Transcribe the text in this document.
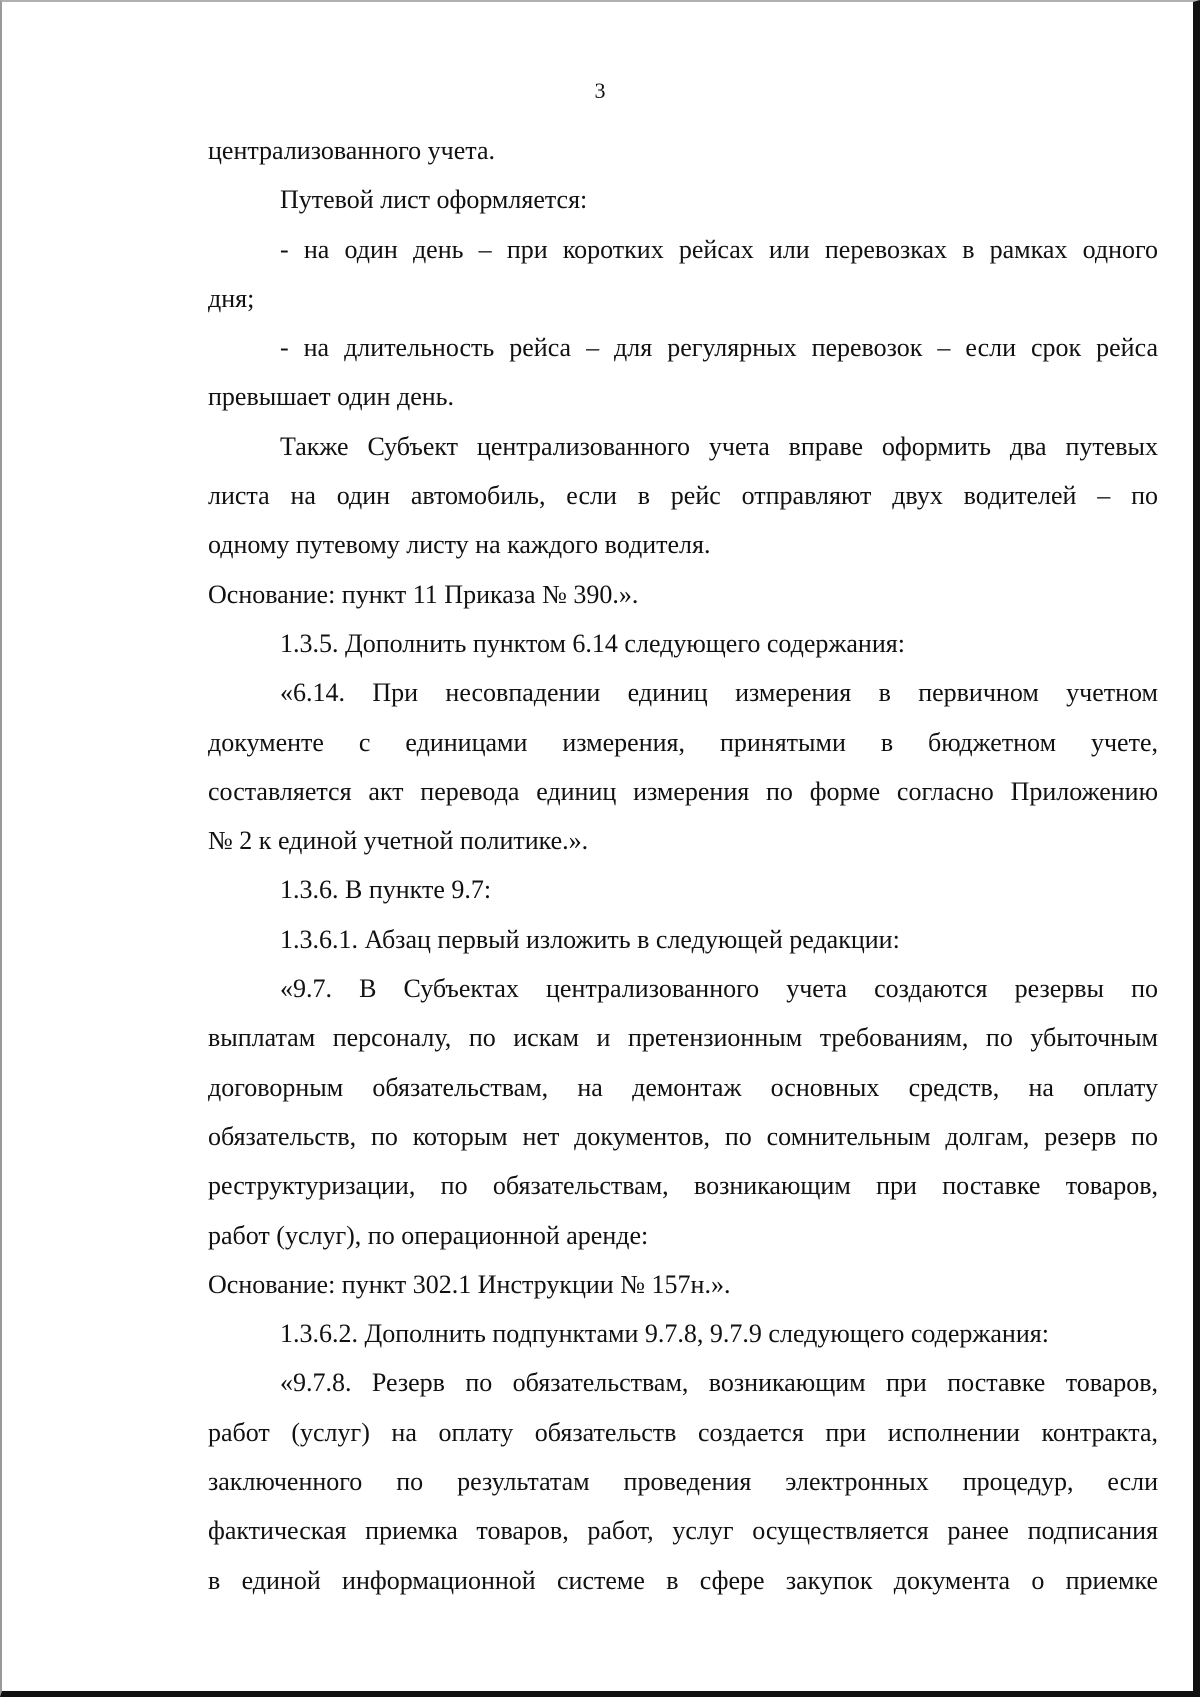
3
централизованного учета.
Путевой лист оформляется:
- на один день – при коротких рейсах или перевозках в рамках одного
дня;
- на длительность рейса – для регулярных перевозок – если срок рейса
превышает один день.
Также Субъект централизованного учета вправе оформить два путевых
листа на один автомобиль, если в рейс отправляют двух водителей – по
одному путевому листу на каждого водителя.
Основание: пункт 11 Приказа № 390.».
1.3.5. Дополнить пунктом 6.14 следующего содержания:
«6.14. При несовпадении единиц измерения в первичном учетном
документе с единицами измерения, принятыми в бюджетном учете,
составляется акт перевода единиц измерения по форме согласно Приложению
№ 2 к единой учетной политике.».
1.3.6. В пункте 9.7:
1.3.6.1. Абзац первый изложить в следующей редакции:
«9.7. В Субъектах централизованного учета создаются резервы по
выплатам персоналу, по искам и претензионным требованиям, по убыточным
договорным обязательствам, на демонтаж основных средств, на оплату
обязательств, по которым нет документов, по сомнительным долгам, резерв по
реструктуризации, по обязательствам, возникающим при поставке товаров,
работ (услуг), по операционной аренде:
Основание: пункт 302.1 Инструкции № 157н.».
1.3.6.2. Дополнить подпунктами 9.7.8, 9.7.9 следующего содержания:
«9.7.8. Резерв по обязательствам, возникающим при поставке товаров,
работ (услуг) на оплату обязательств создается при исполнении контракта,
заключенного по результатам проведения электронных процедур, если
фактическая приемка товаров, работ, услуг осуществляется ранее подписания
в единой информационной системе в сфере закупок документа о приемке
